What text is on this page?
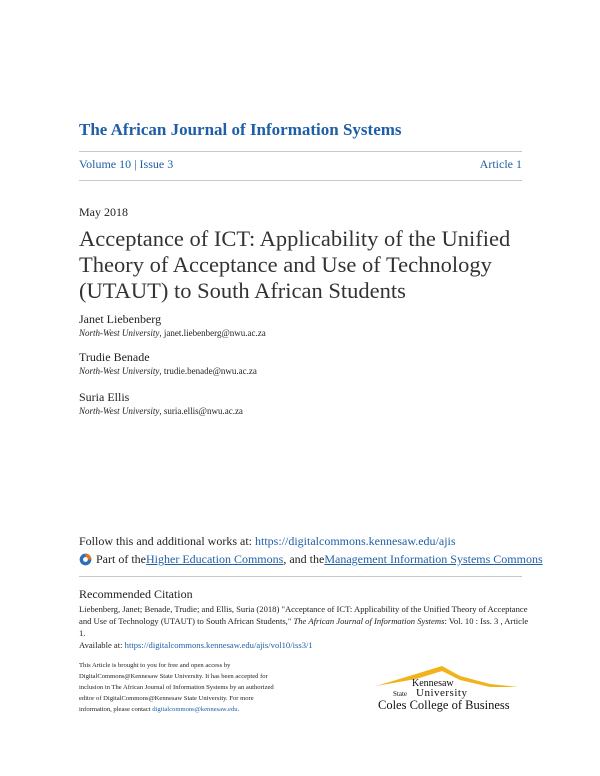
The African Journal of Information Systems
Volume 10 | Issue 3	Article 1
May 2018
Acceptance of ICT: Applicability of the Unified Theory of Acceptance and Use of Technology (UTAUT) to South African Students
Janet Liebenberg
North-West University, janet.liebenberg@nwu.ac.za
Trudie Benade
North-West University, trudie.benade@nwu.ac.za
Suria Ellis
North-West University, suria.ellis@nwu.ac.za
Follow this and additional works at: https://digitalcommons.kennesaw.edu/ajis
Part of the Higher Education Commons , and the Management Information Systems Commons
Recommended Citation
Liebenberg, Janet; Benade, Trudie; and Ellis, Suria (2018) "Acceptance of ICT: Applicability of the Unified Theory of Acceptance and Use of Technology (UTAUT) to South African Students," The African Journal of Information Systems: Vol. 10 : Iss. 3 , Article 1.
Available at: https://digitalcommons.kennesaw.edu/ajis/vol10/iss3/1
This Article is brought to you for free and open access by DigitalCommons@Kennesaw State University. It has been accepted for inclusion in The African Journal of Information Systems by an authorized editor of DigitalCommons@Kennesaw State University. For more information, please contact digitalcommons@kennesaw.edu.
Kennesaw
State University
Coles College of Business
